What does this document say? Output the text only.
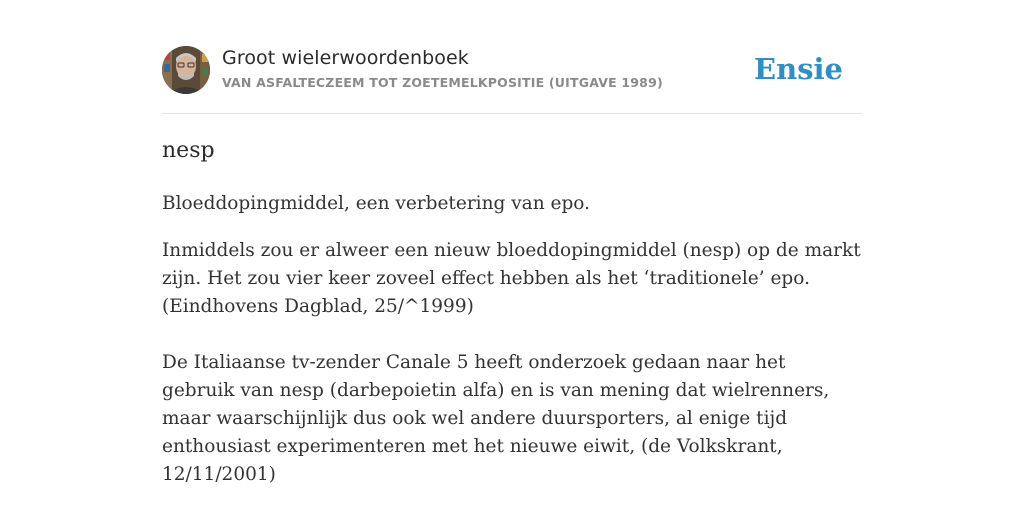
Groot wielerwoordenboek
VAN ASFALTECZEEM TOT ZOETEMELKPOSITIE (UITGAVE 1989)	Ensie
nesp

Bloeddopingmiddel, een verbetering van epo.

Inmiddels zou er alweer een nieuw bloeddopingmiddel (nesp) op de markt zijn. Het zou vier keer zoveel effect hebben als het ‘traditionele’ epo. (Eindhovens Dagblad, 25/^1999)

De Italiaanse tv-zender Canale 5 heeft onderzoek gedaan naar het gebruik van nesp (darbepoietin alfa) en is van mening dat wielrenners, maar waarschijnlijk dus ook wel andere duursporters, al enige tijd enthousiast experimenteren met het nieuwe eiwit, (de Volkskrant, 12/11/2001)
